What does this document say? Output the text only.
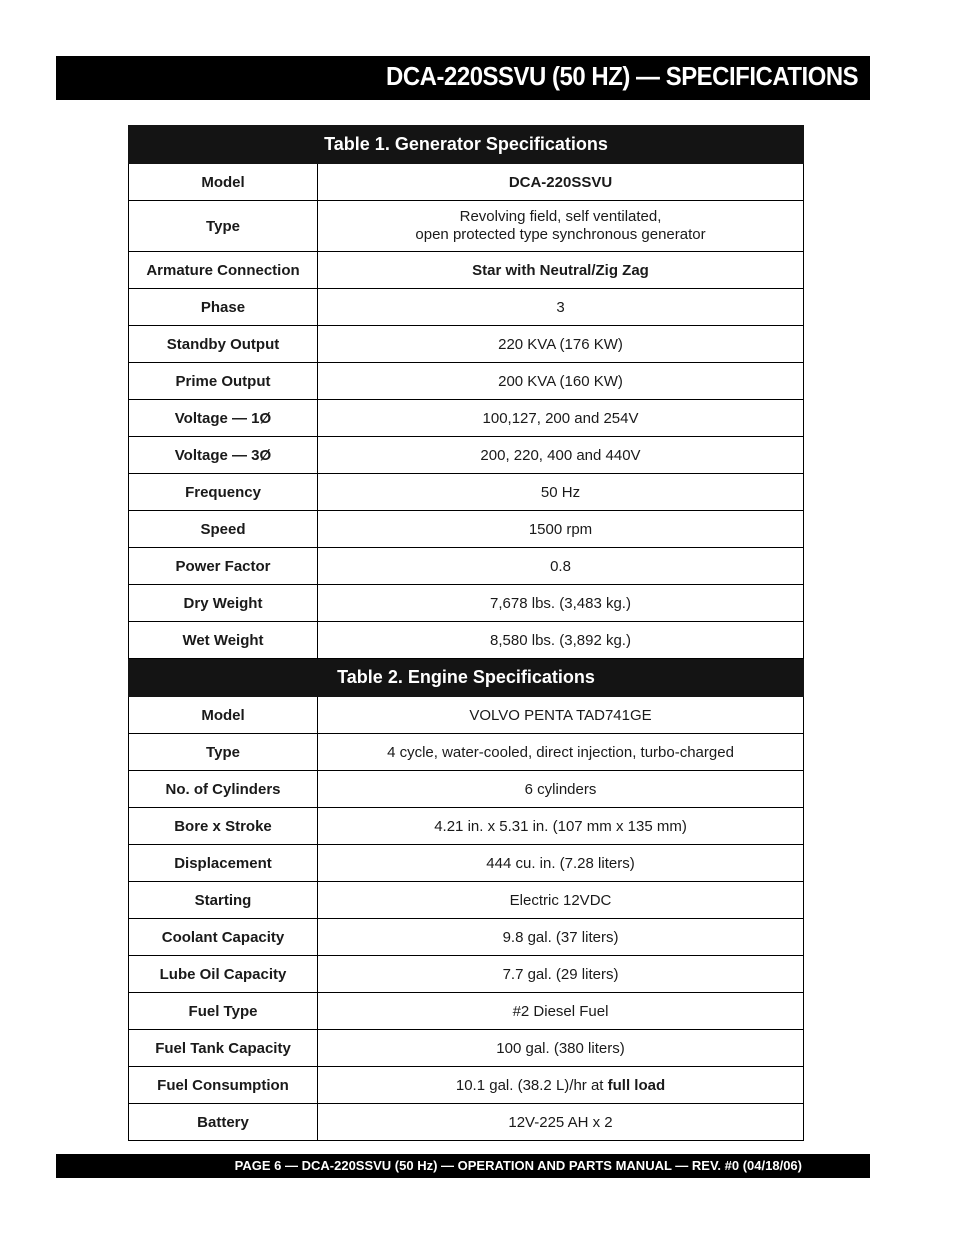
DCA-220SSVU (50 HZ) — SPECIFICATIONS
Table 1. Generator Specifications	
Model	DCA-220SSVU
Type	Revolving field, self ventilated,
open protected type synchronous generator

Armature Connection	Star with Neutral/Zig Zag
Phase	3
Standby Output	220 KVA (176 KW)
Prime Output	200 KVA (160 KW)
Voltage — 1Ø	100,127, 200 and 254V
Voltage — 3Ø	200, 220, 400 and 440V
Frequency	50 Hz
Speed	1500 rpm
Power Factor	0.8
Dry Weight	7,678 lbs. (3,483 kg.)
Wet Weight	8,580 lbs. (3,892 kg.)
Table 2. Engine Specifications	
Model	VOLVO PENTA TAD741GE
Type	4 cycle, water-cooled, direct injection, turbo-charged
No. of Cylinders	6 cylinders
Bore x Stroke	4.21 in. x 5.31 in. (107 mm x 135 mm)
Displacement	444 cu. in. (7.28 liters)
Starting	Electric 12VDC
Coolant Capacity	9.8 gal. (37 liters)
Lube Oil Capacity	7.7 gal. (29 liters)
Fuel Type	#2 Diesel Fuel
Fuel Tank Capacity	100 gal. (380 liters)
Fuel Consumption	10.1 gal. (38.2 L)/hr at full load
Battery	12V-225 AH x 2
PAGE 6 — DCA-220SSVU (50 Hz) — OPERATION AND PARTS MANUAL — REV. #0 (04/18/06)
